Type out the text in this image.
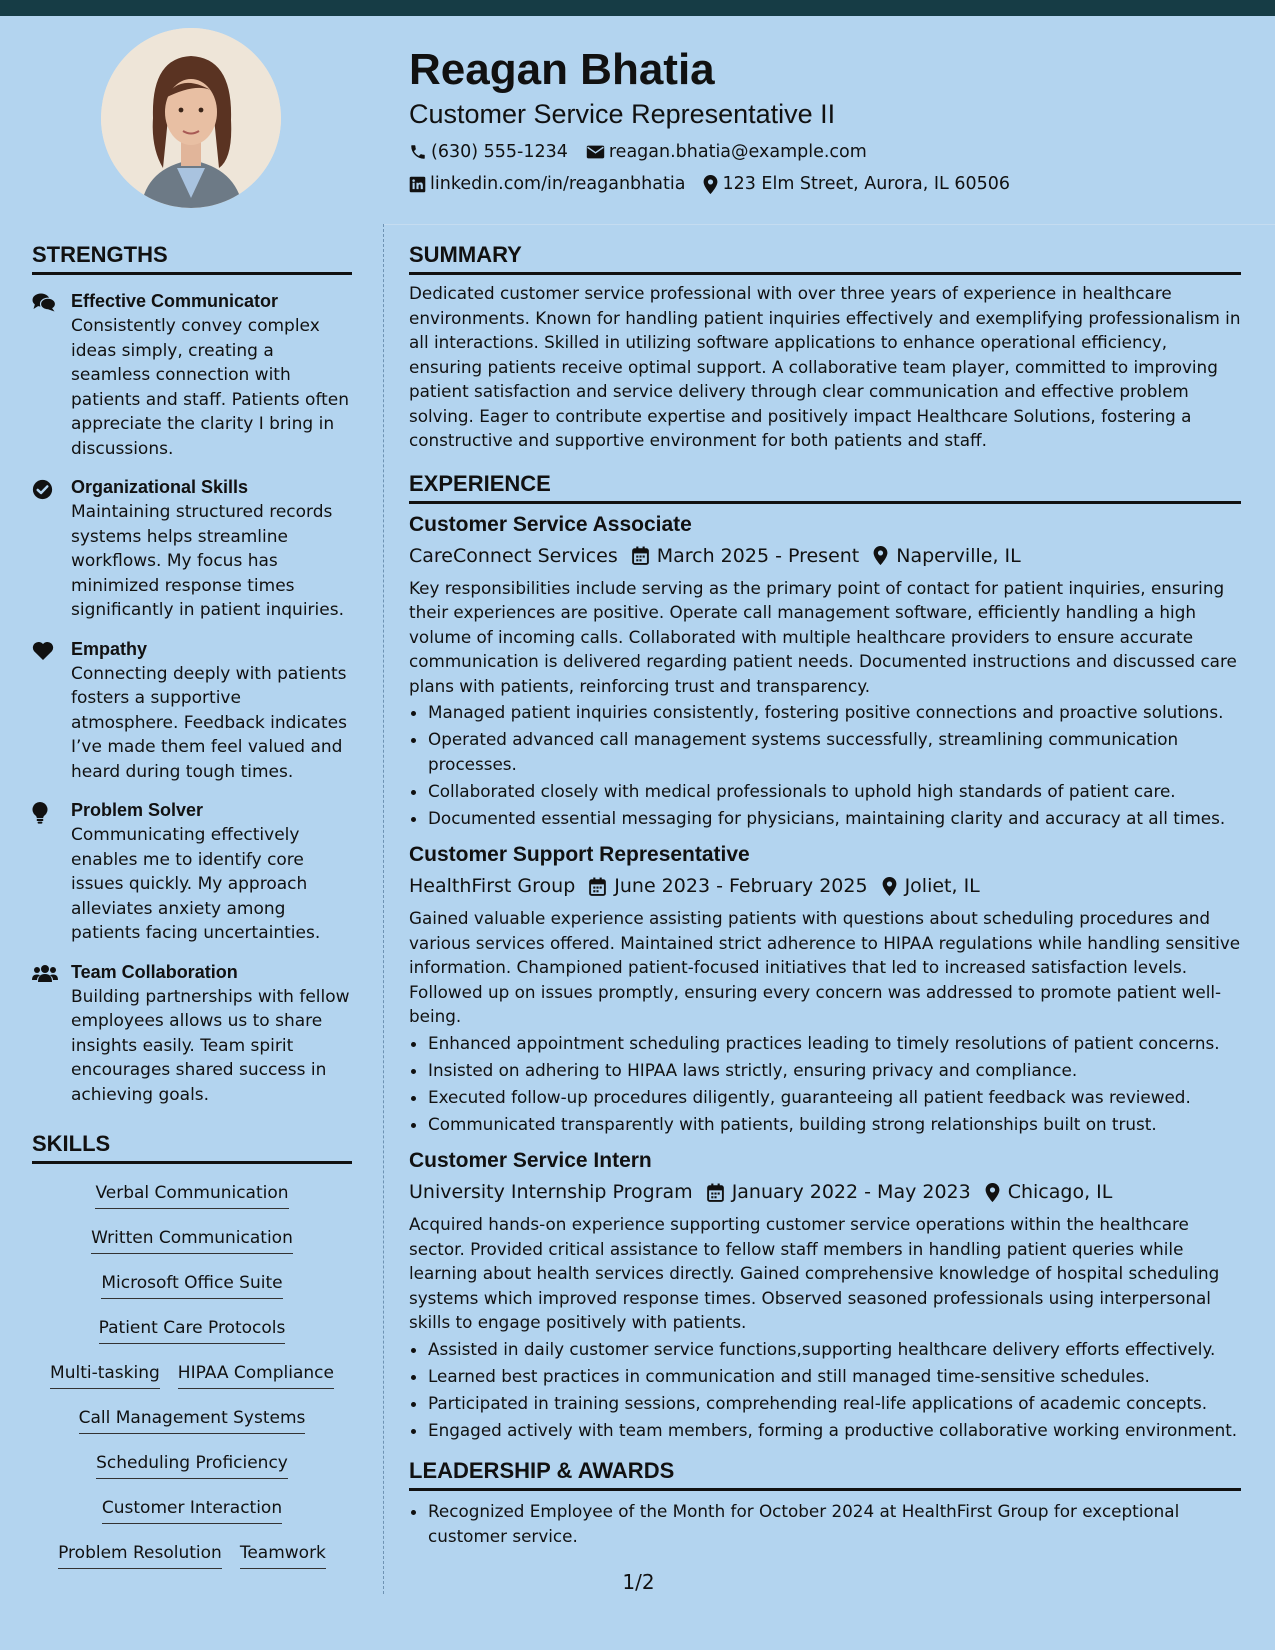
Reagan Bhatia
Customer Service Representative II
(630) 555-1234 reagan.bhatia@example.com
linkedin.com/in/reaganbhatia 123 Elm Street, Aurora, IL 60506
STRENGTHS
Effective Communicator
Consistently convey complex ideas simply, creating a seamless connection with patients and staff. Patients often appreciate the clarity I bring in discussions.
Organizational Skills
Maintaining structured records systems helps streamline workflows. My focus has minimized response times significantly in patient inquiries.
Empathy
Connecting deeply with patients fosters a supportive atmosphere. Feedback indicates I’ve made them feel valued and heard during tough times.
Problem Solver
Communicating effectively enables me to identify core issues quickly. My approach alleviates anxiety among patients facing uncertainties.
Team Collaboration
Building partnerships with fellow employees allows us to share insights easily. Team spirit encourages shared success in achieving goals.
SKILLS
Verbal Communication
Written Communication
Microsoft Office Suite
Patient Care Protocols
Multi-tasking HIPAA Compliance
Call Management Systems
Scheduling Proficiency
Customer Interaction
Problem Resolution Teamwork
SUMMARY
Dedicated customer service professional with over three years of experience in healthcare environments. Known for handling patient inquiries effectively and exemplifying professionalism in all interactions. Skilled in utilizing software applications to enhance operational efficiency, ensuring patients receive optimal support. A collaborative team player, committed to improving patient satisfaction and service delivery through clear communication and effective problem solving. Eager to contribute expertise and positively impact Healthcare Solutions, fostering a constructive and supportive environment for both patients and staff.
EXPERIENCE
Customer Service Associate
CareConnect Services March 2025 - Present Naperville, IL
Key responsibilities include serving as the primary point of contact for patient inquiries, ensuring their experiences are positive. Operate call management software, efficiently handling a high volume of incoming calls. Collaborated with multiple healthcare providers to ensure accurate communication is delivered regarding patient needs. Documented instructions and discussed care plans with patients, reinforcing trust and transparency.
• Managed patient inquiries consistently, fostering positive connections and proactive solutions.
• Operated advanced call management systems successfully, streamlining communication processes.
• Collaborated closely with medical professionals to uphold high standards of patient care.
• Documented essential messaging for physicians, maintaining clarity and accuracy at all times.
Customer Support Representative
HealthFirst Group June 2023 - February 2025 Joliet, IL
Gained valuable experience assisting patients with questions about scheduling procedures and various services offered. Maintained strict adherence to HIPAA regulations while handling sensitive information. Championed patient-focused initiatives that led to increased satisfaction levels. Followed up on issues promptly, ensuring every concern was addressed to promote patient well-being.
• Enhanced appointment scheduling practices leading to timely resolutions of patient concerns.
• Insisted on adhering to HIPAA laws strictly, ensuring privacy and compliance.
• Executed follow-up procedures diligently, guaranteeing all patient feedback was reviewed.
• Communicated transparently with patients, building strong relationships built on trust.
Customer Service Intern
University Internship Program January 2022 - May 2023 Chicago, IL
Acquired hands-on experience supporting customer service operations within the healthcare sector. Provided critical assistance to fellow staff members in handling patient queries while learning about health services directly. Gained comprehensive knowledge of hospital scheduling systems which improved response times. Observed seasoned professionals using interpersonal skills to engage positively with patients.
• Assisted in daily customer service functions,supporting healthcare delivery efforts effectively.
• Learned best practices in communication and still managed time-sensitive schedules.
• Participated in training sessions, comprehending real-life applications of academic concepts.
• Engaged actively with team members, forming a productive collaborative working environment.
LEADERSHIP & AWARDS
• Recognized Employee of the Month for October 2024 at HealthFirst Group for exceptional customer service.
1/2
